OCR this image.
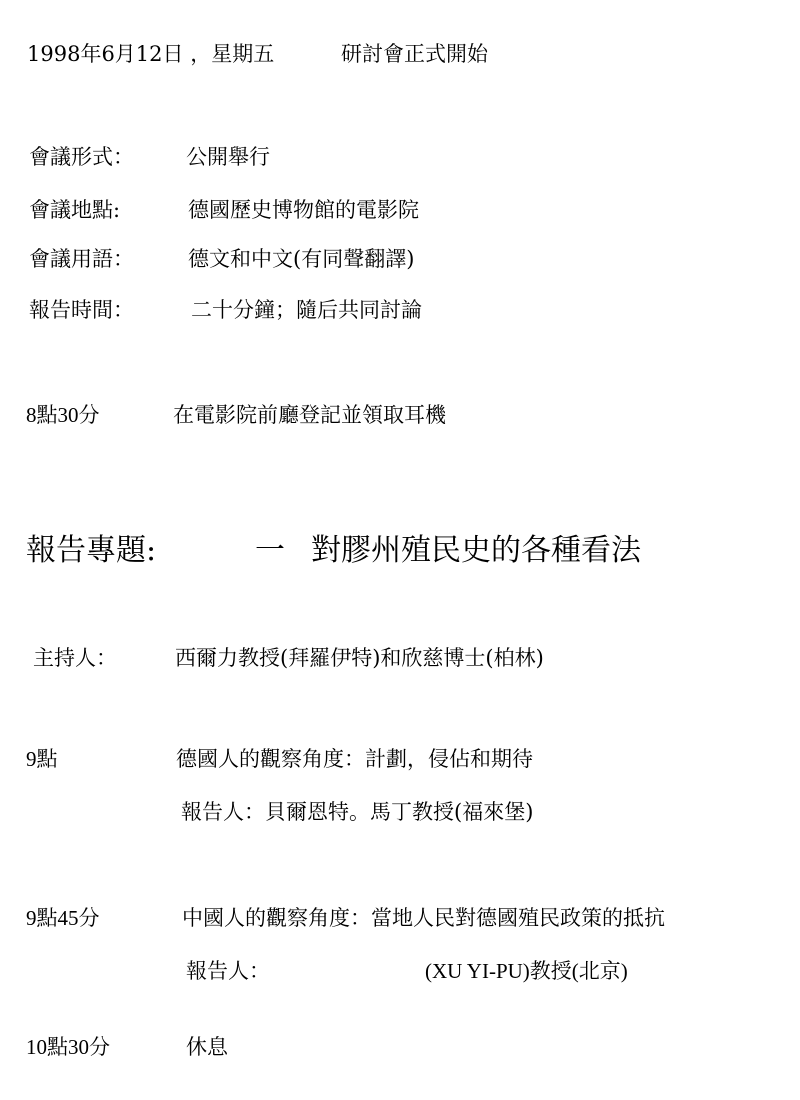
1998年6月12日 ，星期五	研討會正式開始
會議形式： 公開舉行
會議地點:	德國歷史博物館的電影院
會議用語：	德文和中文(有同聲翻譯)
報告時間：	二十分鐘；隨后共同討論
8點30分	在電影院前廳登記並領取耳機
報告專題:	一 對膠州殖民史的各種看法
主持人：	西爾力教授(拜羅伊特)和欣慈博士(柏林)
9點	德國人的觀察角度：計劃，侵佔和期待
報告人：貝爾恩特。馬丁教授(福來堡)
9點45分	中國人的觀察角度：當地人民對德國殖民政策的抵抗
報告人：	(XU YI-PU)教授(北京)
10點30分	休息
